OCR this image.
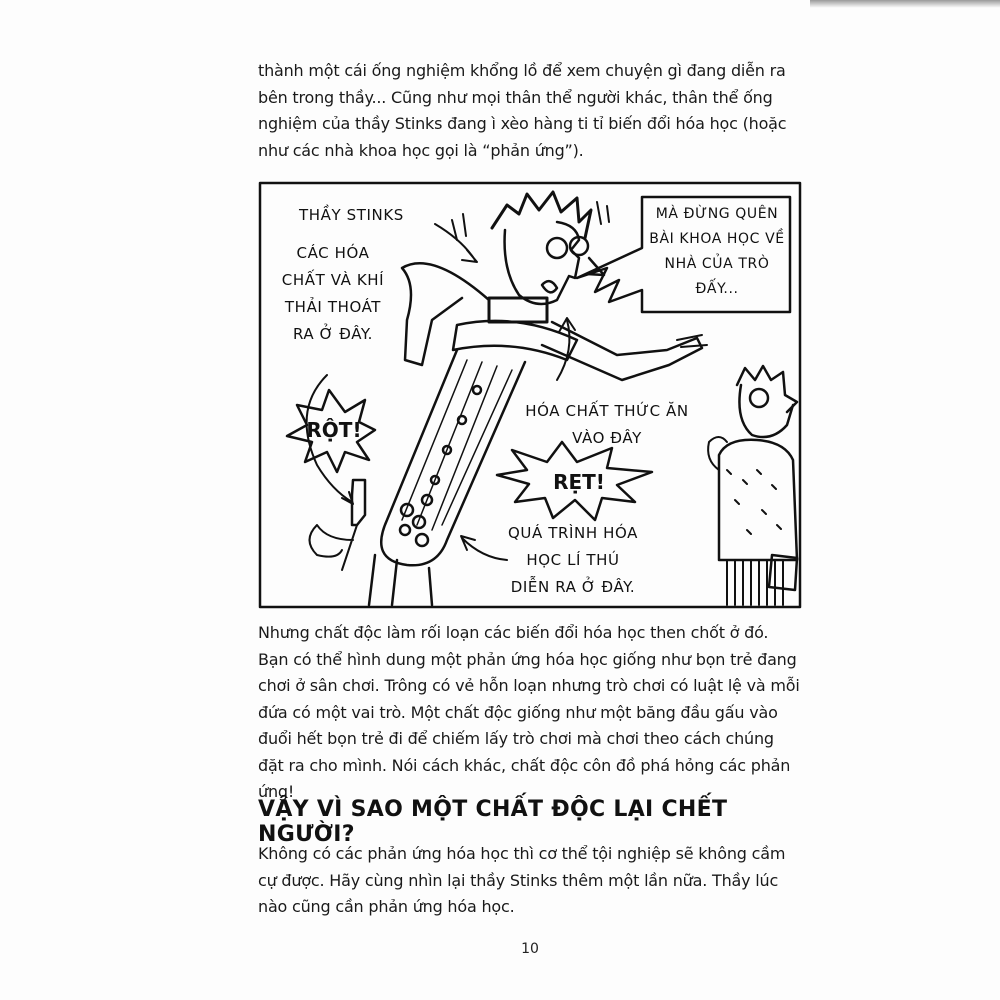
thành một cái ống nghiệm khổng lồ để xem chuyện gì đang diễn ra bên trong thầy... Cũng như mọi thân thể người khác, thân thể ống nghiệm của thầy Stinks đang ì xèo hàng ti tỉ biến đổi hóa học (hoặc như các nhà khoa học gọi là “phản ứng”).

THẦY STINKS

CÁC HÓA CHẤT VÀ KHÍ THẢI THOÁT RA Ở ĐÂY.

MÀ ĐỪNG QUÊN BÀI KHOA HỌC VỀ NHÀ CỦA TRÒ ĐẤY...

HÓA CHẤT THỨC ĂN VÀO ĐÂY

QUÁ TRÌNH HÓA HỌC LÍ THÚ DIỄN RA Ở ĐÂY.

RỘT!
RẸT!

Nhưng chất độc làm rối loạn các biến đổi hóa học then chốt ở đó. Bạn có thể hình dung một phản ứng hóa học giống như bọn trẻ đang chơi ở sân chơi. Trông có vẻ hỗn loạn nhưng trò chơi có luật lệ và mỗi đứa có một vai trò. Một chất độc giống như một băng đầu gấu vào đuổi hết bọn trẻ đi để chiếm lấy trò chơi mà chơi theo cách chúng đặt ra cho mình. Nói cách khác, chất độc côn đồ phá hỏng các phản ứng!

VẬY VÌ SAO MỘT CHẤT ĐỘC LẠI CHẾT NGƯỜI?

Không có các phản ứng hóa học thì cơ thể tội nghiệp sẽ không cầm cự được. Hãy cùng nhìn lại thầy Stinks thêm một lần nữa. Thầy lúc nào cũng cần phản ứng hóa học.

10
